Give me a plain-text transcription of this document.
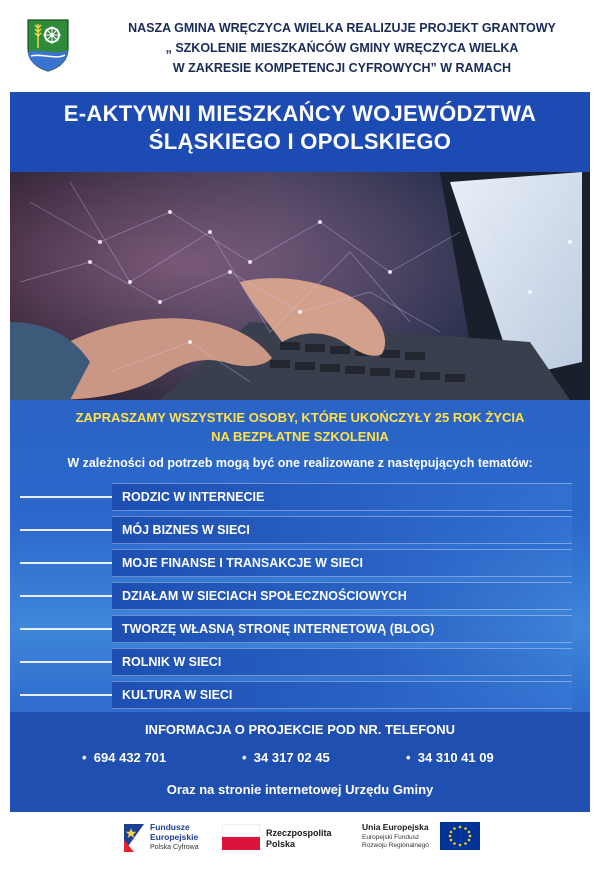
NASZA GMINA WRĘCZYCA WIELKA REALIZUJE PROJEKT GRANTOWY
„ SZKOLENIE MIESZKAŃCÓW GMINY WRĘCZYCA WIELKA
W ZAKRESIE KOMPETENCJI CYFROWYCH” W RAMACH
E-AKTYWNI MIESZKAŃCY WOJEWÓDZTWA
ŚLĄSKIEGO I OPOLSKIEGO
ZAPRASZAMY WSZYSTKIE OSOBY, KTÓRE UKOŃCZYŁY 25 ROK ŻYCIA
NA BEZPŁATNE SZKOLENIA
W zależności od potrzeb mogą być one realizowane z następujących tematów:
RODZIC W INTERNECIE
MÓJ BIZNES W SIECI
MOJE FINANSE I TRANSAKCJE W SIECI
DZIAŁAM W SIECIACH SPOŁECZNOŚCIOWYCH
TWORZĘ WŁASNĄ STRONĘ INTERNETOWĄ (BLOG)
ROLNIK W SIECI
KULTURA W SIECI
INFORMACJA O PROJEKCIE POD NR. TELEFONU
• 694 432 701	• 34 317 02 45	• 34 310 41 09
Oraz na stronie internetowej Urzędu Gminy
Fundusze
Europejskie
Polska Cyfrowa
Rzeczpospolita
Polska
Unia Europejska
Europejski Fundusz
Rozwoju Regionalnego
